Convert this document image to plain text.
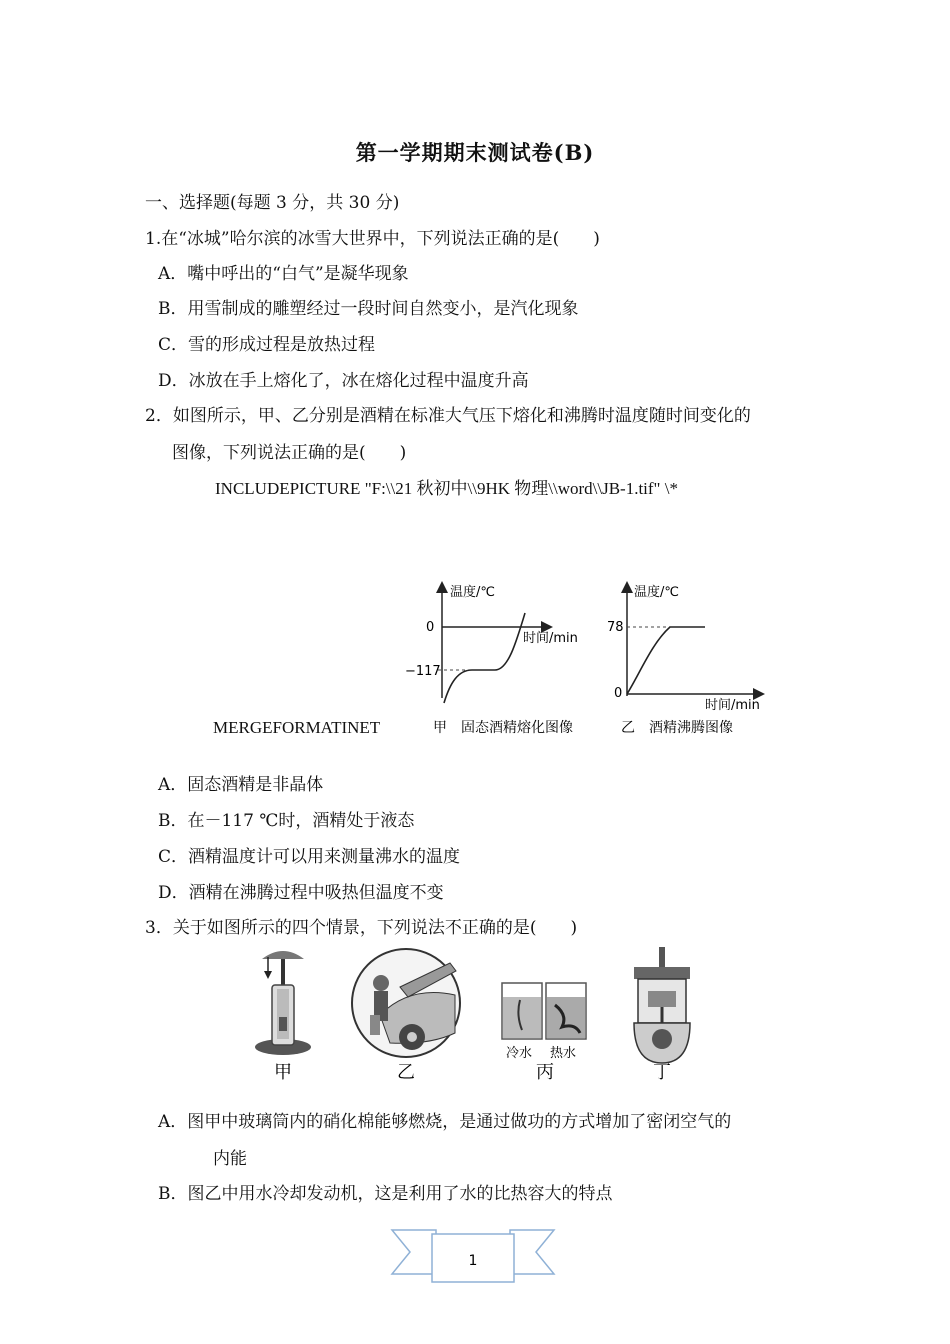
第一学期期末测试卷(B)
一、选择题(每题 3 分，共 30 分)
1.在“冰城”哈尔滨的冰雪大世界中，下列说法正确的是(　　)
A．嘴中呼出的“白气”是凝华现象
B．用雪制成的雕塑经过一段时间自然变小，是汽化现象
C．雪的形成过程是放热过程
D．冰放在手上熔化了，冰在熔化过程中温度升高
2．如图所示，甲、乙分别是酒精在标准大气压下熔化和沸腾时温度随时间变化的
图像，下列说法正确的是(　　)
INCLUDEPICTURE "F:\\21 秋初中\\9HK 物理\\word\\JB-1.tif" \*
MERGEFORMATINET
温度/℃
时间/min
0
−117
甲　固态酒精熔化图像
温度/℃
时间/min
78
0
乙　酒精沸腾图像
A．固态酒精是非晶体
B．在－117 ℃时，酒精处于液态
C．酒精温度计可以用来测量沸水的温度
D．酒精在沸腾过程中吸热但温度不变
3．关于如图所示的四个情景，下列说法不正确的是(　　)
甲	乙
冷水 热水
丙	丁
A．图甲中玻璃筒内的硝化棉能够燃烧，是通过做功的方式增加了密闭空气的
内能
B．图乙中用水冷却发动机，这是利用了水的比热容大的特点
1
